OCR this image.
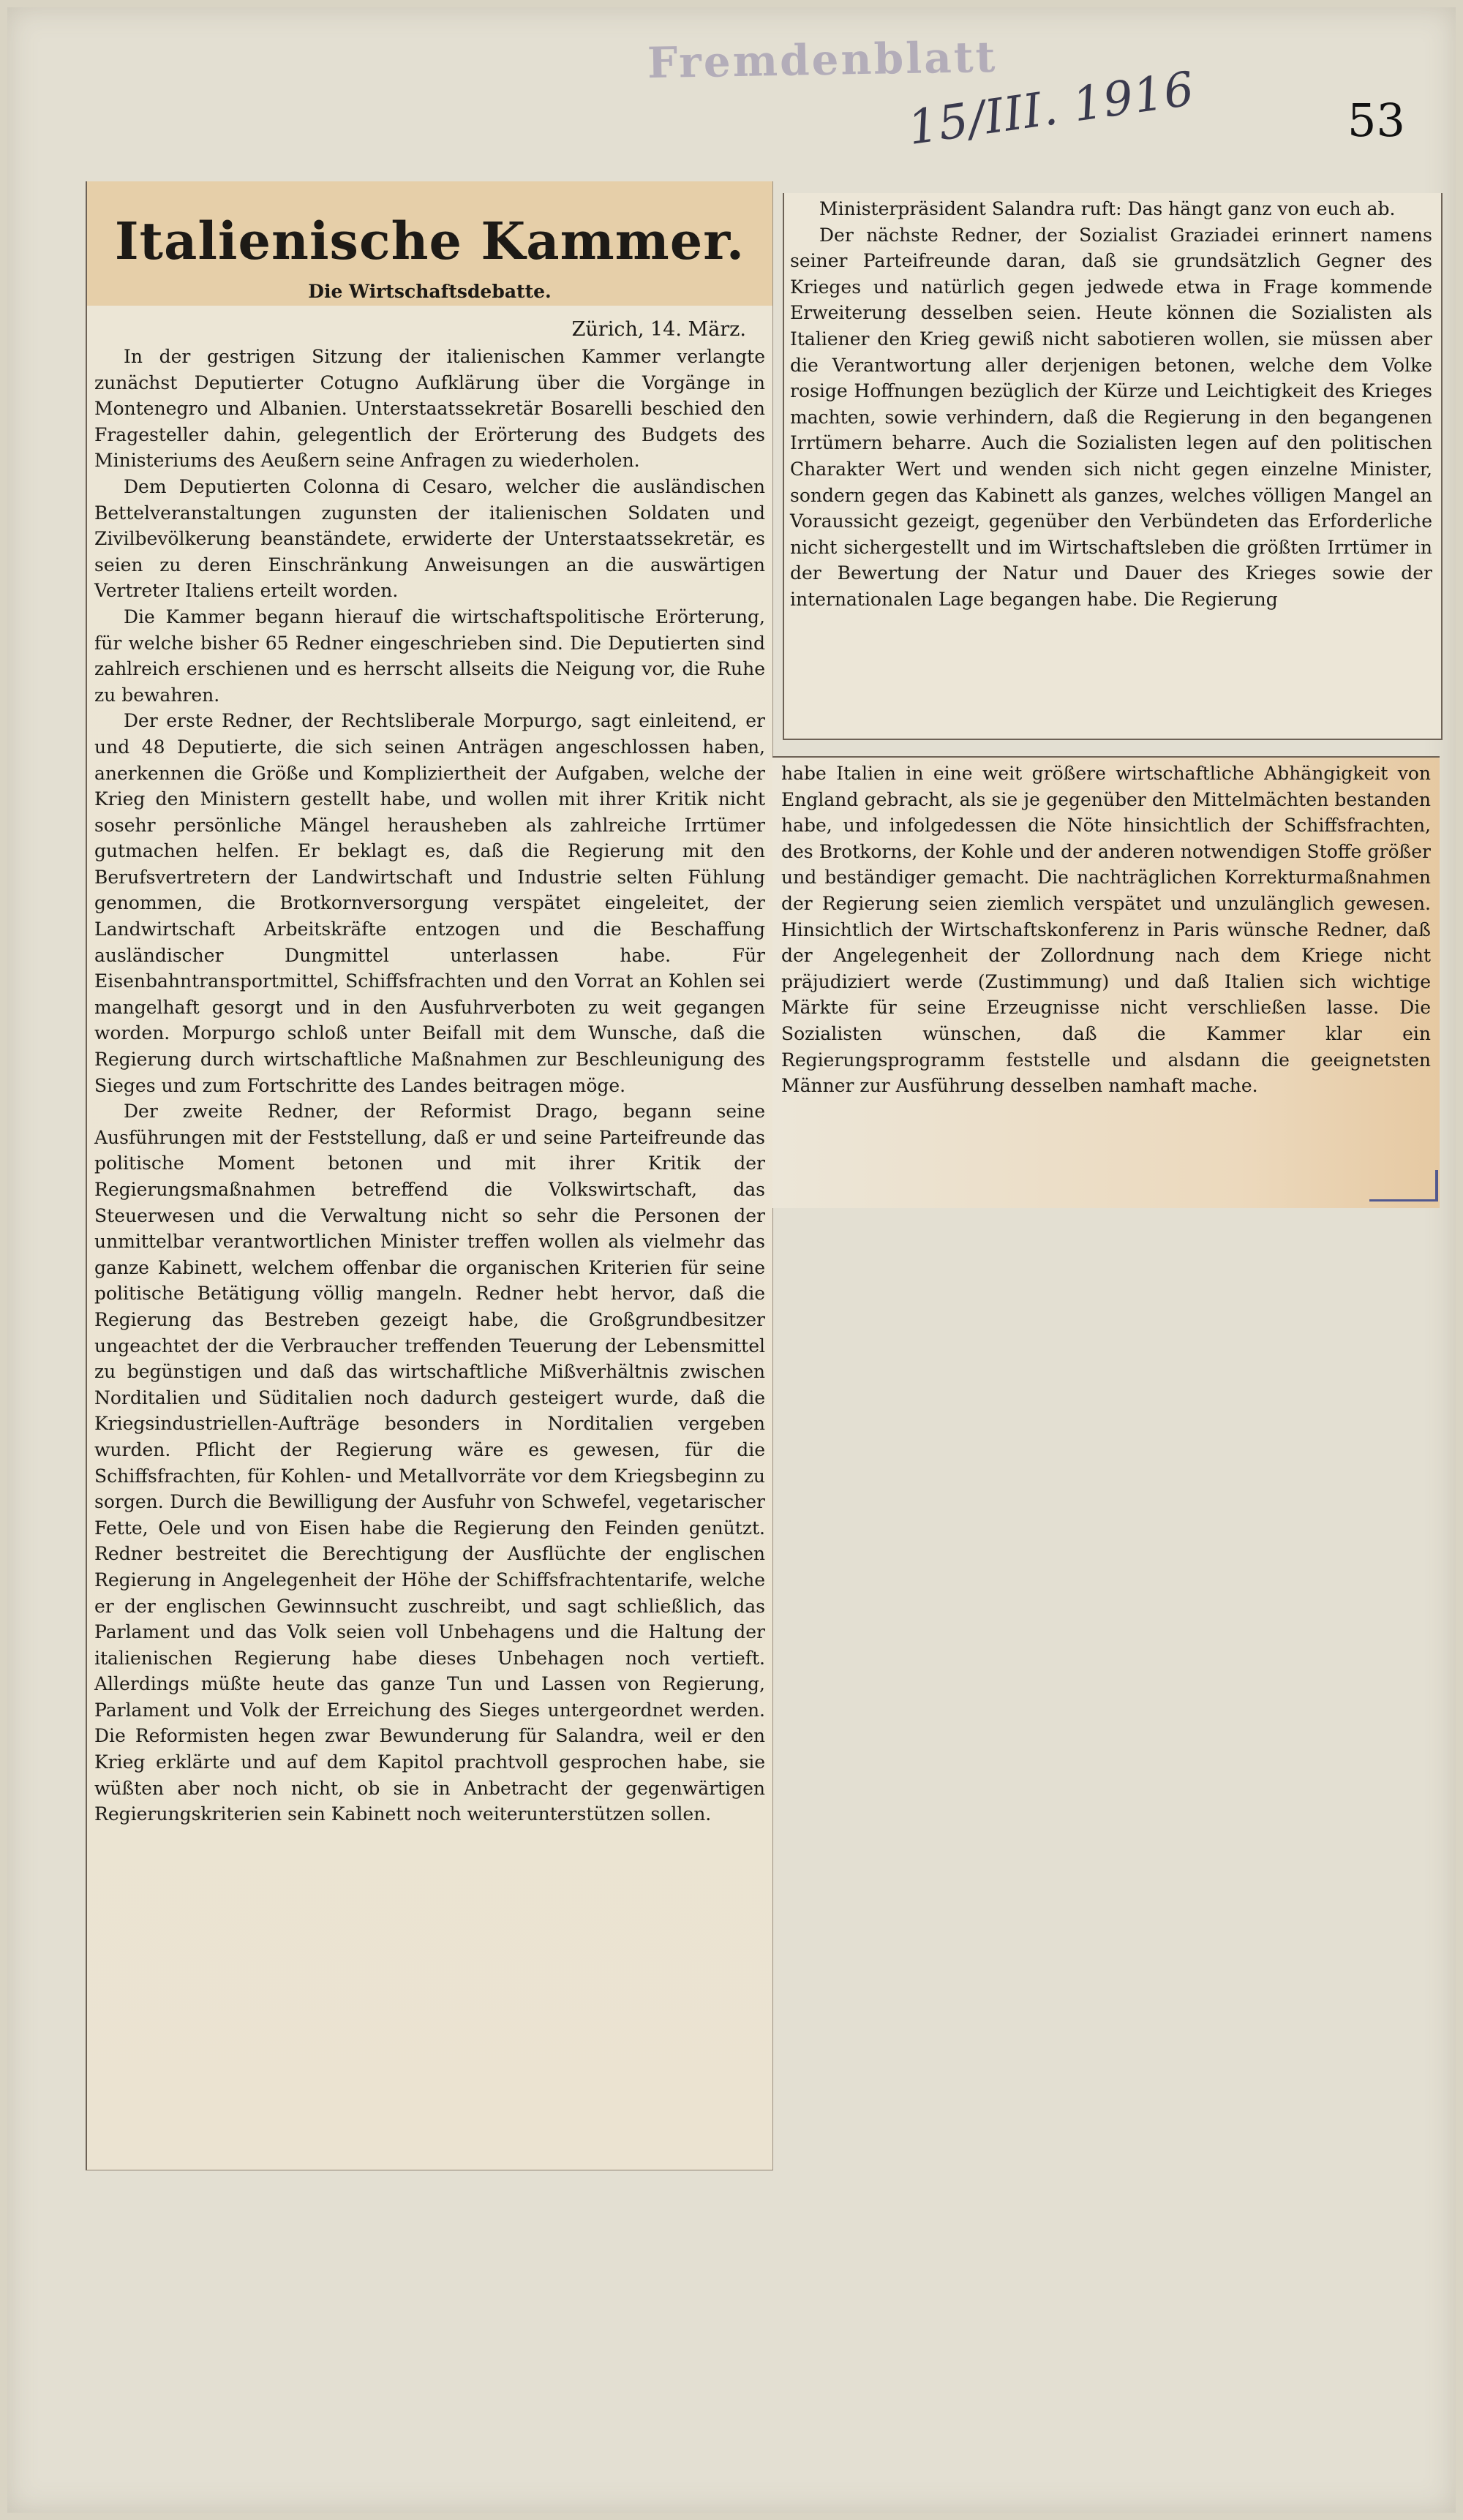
Fremdenblatt
15/III. 1916	53
Italienische Kammer.
Die Wirtschaftsdebatte.
Zürich, 14. März.

In der gestrigen Sitzung der italienischen Kammer verlangte zunächst Deputierter Cotugno Aufklärung über die Vorgänge in Montenegro und Albanien. Unterstaatssekretär Bosarelli beschied den Fragesteller dahin, gelegentlich der Erörterung des Budgets des Ministeriums des Aeußern seine Anfragen zu wiederholen.

Dem Deputierten Colonna di Cesaro, welcher die ausländischen Bettelveranstaltungen zugunsten der italienischen Soldaten und Zivilbevölkerung beanständete, erwiderte der Unterstaatssekretär, es seien zu deren Einschränkung Anweisungen an die auswärtigen Vertreter Italiens erteilt worden.

Die Kammer begann hierauf die wirtschaftspolitische Erörterung, für welche bisher 65 Redner eingeschrieben sind. Die Deputierten sind zahlreich erschienen und es herrscht allseits die Neigung vor, die Ruhe zu bewahren.

Der erste Redner, der Rechtsliberale Morpurgo, sagt einleitend, er und 48 Deputierte, die sich seinen Anträgen angeschlossen haben, anerkennen die Größe und Kompliziertheit der Aufgaben, welche der Krieg den Ministern gestellt habe, und wollen mit ihrer Kritik nicht sosehr persönliche Mängel herausheben als zahlreiche Irrtümer gutmachen helfen. Er beklagt es, daß die Regierung mit den Berufsvertretern der Landwirtschaft und Industrie selten Fühlung genommen, die Brotkornversorgung verspätet eingeleitet, der Landwirtschaft Arbeitskräfte entzogen und die Beschaffung ausländischer Dungmittel unterlassen habe. Für Eisenbahntransportmittel, Schiffsfrachten und den Vorrat an Kohlen sei mangelhaft gesorgt und in den Ausfuhrverboten zu weit gegangen worden. Morpurgo schloß unter Beifall mit dem Wunsche, daß die Regierung durch wirtschaftliche Maßnahmen zur Beschleunigung des Sieges und zum Fortschritte des Landes beitragen möge.

Der zweite Redner, der Reformist Drago, begann seine Ausführungen mit der Feststellung, daß er und seine Parteifreunde das politische Moment betonen und mit ihrer Kritik der Regierungsmaßnahmen betreffend die Volkswirtschaft, das Steuerwesen und die Verwaltung nicht so sehr die Personen der unmittelbar verantwortlichen Minister treffen wollen als vielmehr das ganze Kabinett, welchem offenbar die organischen Kriterien für seine politische Betätigung völlig mangeln. Redner hebt hervor, daß die Regierung das Bestreben gezeigt habe, die Großgrundbesitzer ungeachtet der die Verbraucher treffenden Teuerung der Lebensmittel zu begünstigen und daß das wirtschaftliche Mißverhältnis zwischen Norditalien und Süditalien noch dadurch gesteigert wurde, daß die Kriegsindustriellen-Aufträge besonders in Norditalien vergeben wurden. Pflicht der Regierung wäre es gewesen, für die Schiffsfrachten, für Kohlen- und Metallvorräte vor dem Kriegsbeginn zu sorgen. Durch die Bewilligung der Ausfuhr von Schwefel, vegetarischer Fette, Oele und von Eisen habe die Regierung den Feinden genützt. Redner bestreitet die Berechtigung der Ausflüchte der englischen Regierung in Angelegenheit der Höhe der Schiffsfrachtentarife, welche er der englischen Gewinnsucht zuschreibt, und sagt schließlich, das Parlament und das Volk seien voll Unbehagens und die Haltung der italienischen Regierung habe dieses Unbehagen noch vertieft. Allerdings müßte heute das ganze Tun und Lassen von Regierung, Parlament und Volk der Erreichung des Sieges untergeordnet werden. Die Reformisten hegen zwar Bewunderung für Salandra, weil er den Krieg erklärte und auf dem Kapitol prachtvoll gesprochen habe, sie wüßten aber noch nicht, ob sie in Anbetracht der gegenwärtigen Regierungskriterien sein Kabinett noch weiterunterstützen sollen.

Ministerpräsident Salandra ruft: Das hängt ganz von euch ab.

Der nächste Redner, der Sozialist Graziadei erinnert namens seiner Parteifreunde daran, daß sie grundsätzlich Gegner des Krieges und natürlich gegen jedwede etwa in Frage kommende Erweiterung desselben seien. Heute können die Sozialisten als Italiener den Krieg gewiß nicht sabotieren wollen, sie müssen aber die Verantwortung aller derjenigen betonen, welche dem Volke rosige Hoffnungen bezüglich der Kürze und Leichtigkeit des Krieges machten, sowie verhindern, daß die Regierung in den begangenen Irrtümern beharre. Auch die Sozialisten legen auf den politischen Charakter Wert und wenden sich nicht gegen einzelne Minister, sondern gegen das Kabinett als ganzes, welches völligen Mangel an Voraussicht gezeigt, gegenüber den Verbündeten das Erforderliche nicht sichergestellt und im Wirtschaftsleben die größten Irrtümer in der Bewertung der Natur und Dauer des Krieges sowie der internationalen Lage begangen habe. Die Regierung

habe Italien in eine weit größere wirtschaftliche Abhängigkeit von England gebracht, als sie je gegenüber den Mittelmächten bestanden habe, und infolgedessen die Nöte hinsichtlich der Schiffsfrachten, des Brotkorns, der Kohle und der anderen notwendigen Stoffe größer und beständiger gemacht. Die nachträglichen Korrekturmaßnahmen der Regierung seien ziemlich verspätet und unzulänglich gewesen. Hinsichtlich der Wirtschaftskonferenz in Paris wünsche Redner, daß der Angelegenheit der Zollordnung nach dem Kriege nicht präjudiziert werde (Zustimmung) und daß Italien sich wichtige Märkte für seine Erzeugnisse nicht verschließen lasse. Die Sozialisten wünschen, daß die Kammer klar ein Regierungsprogramm feststelle und alsdann die geeignetsten Männer zur Ausführung desselben namhaft mache.
